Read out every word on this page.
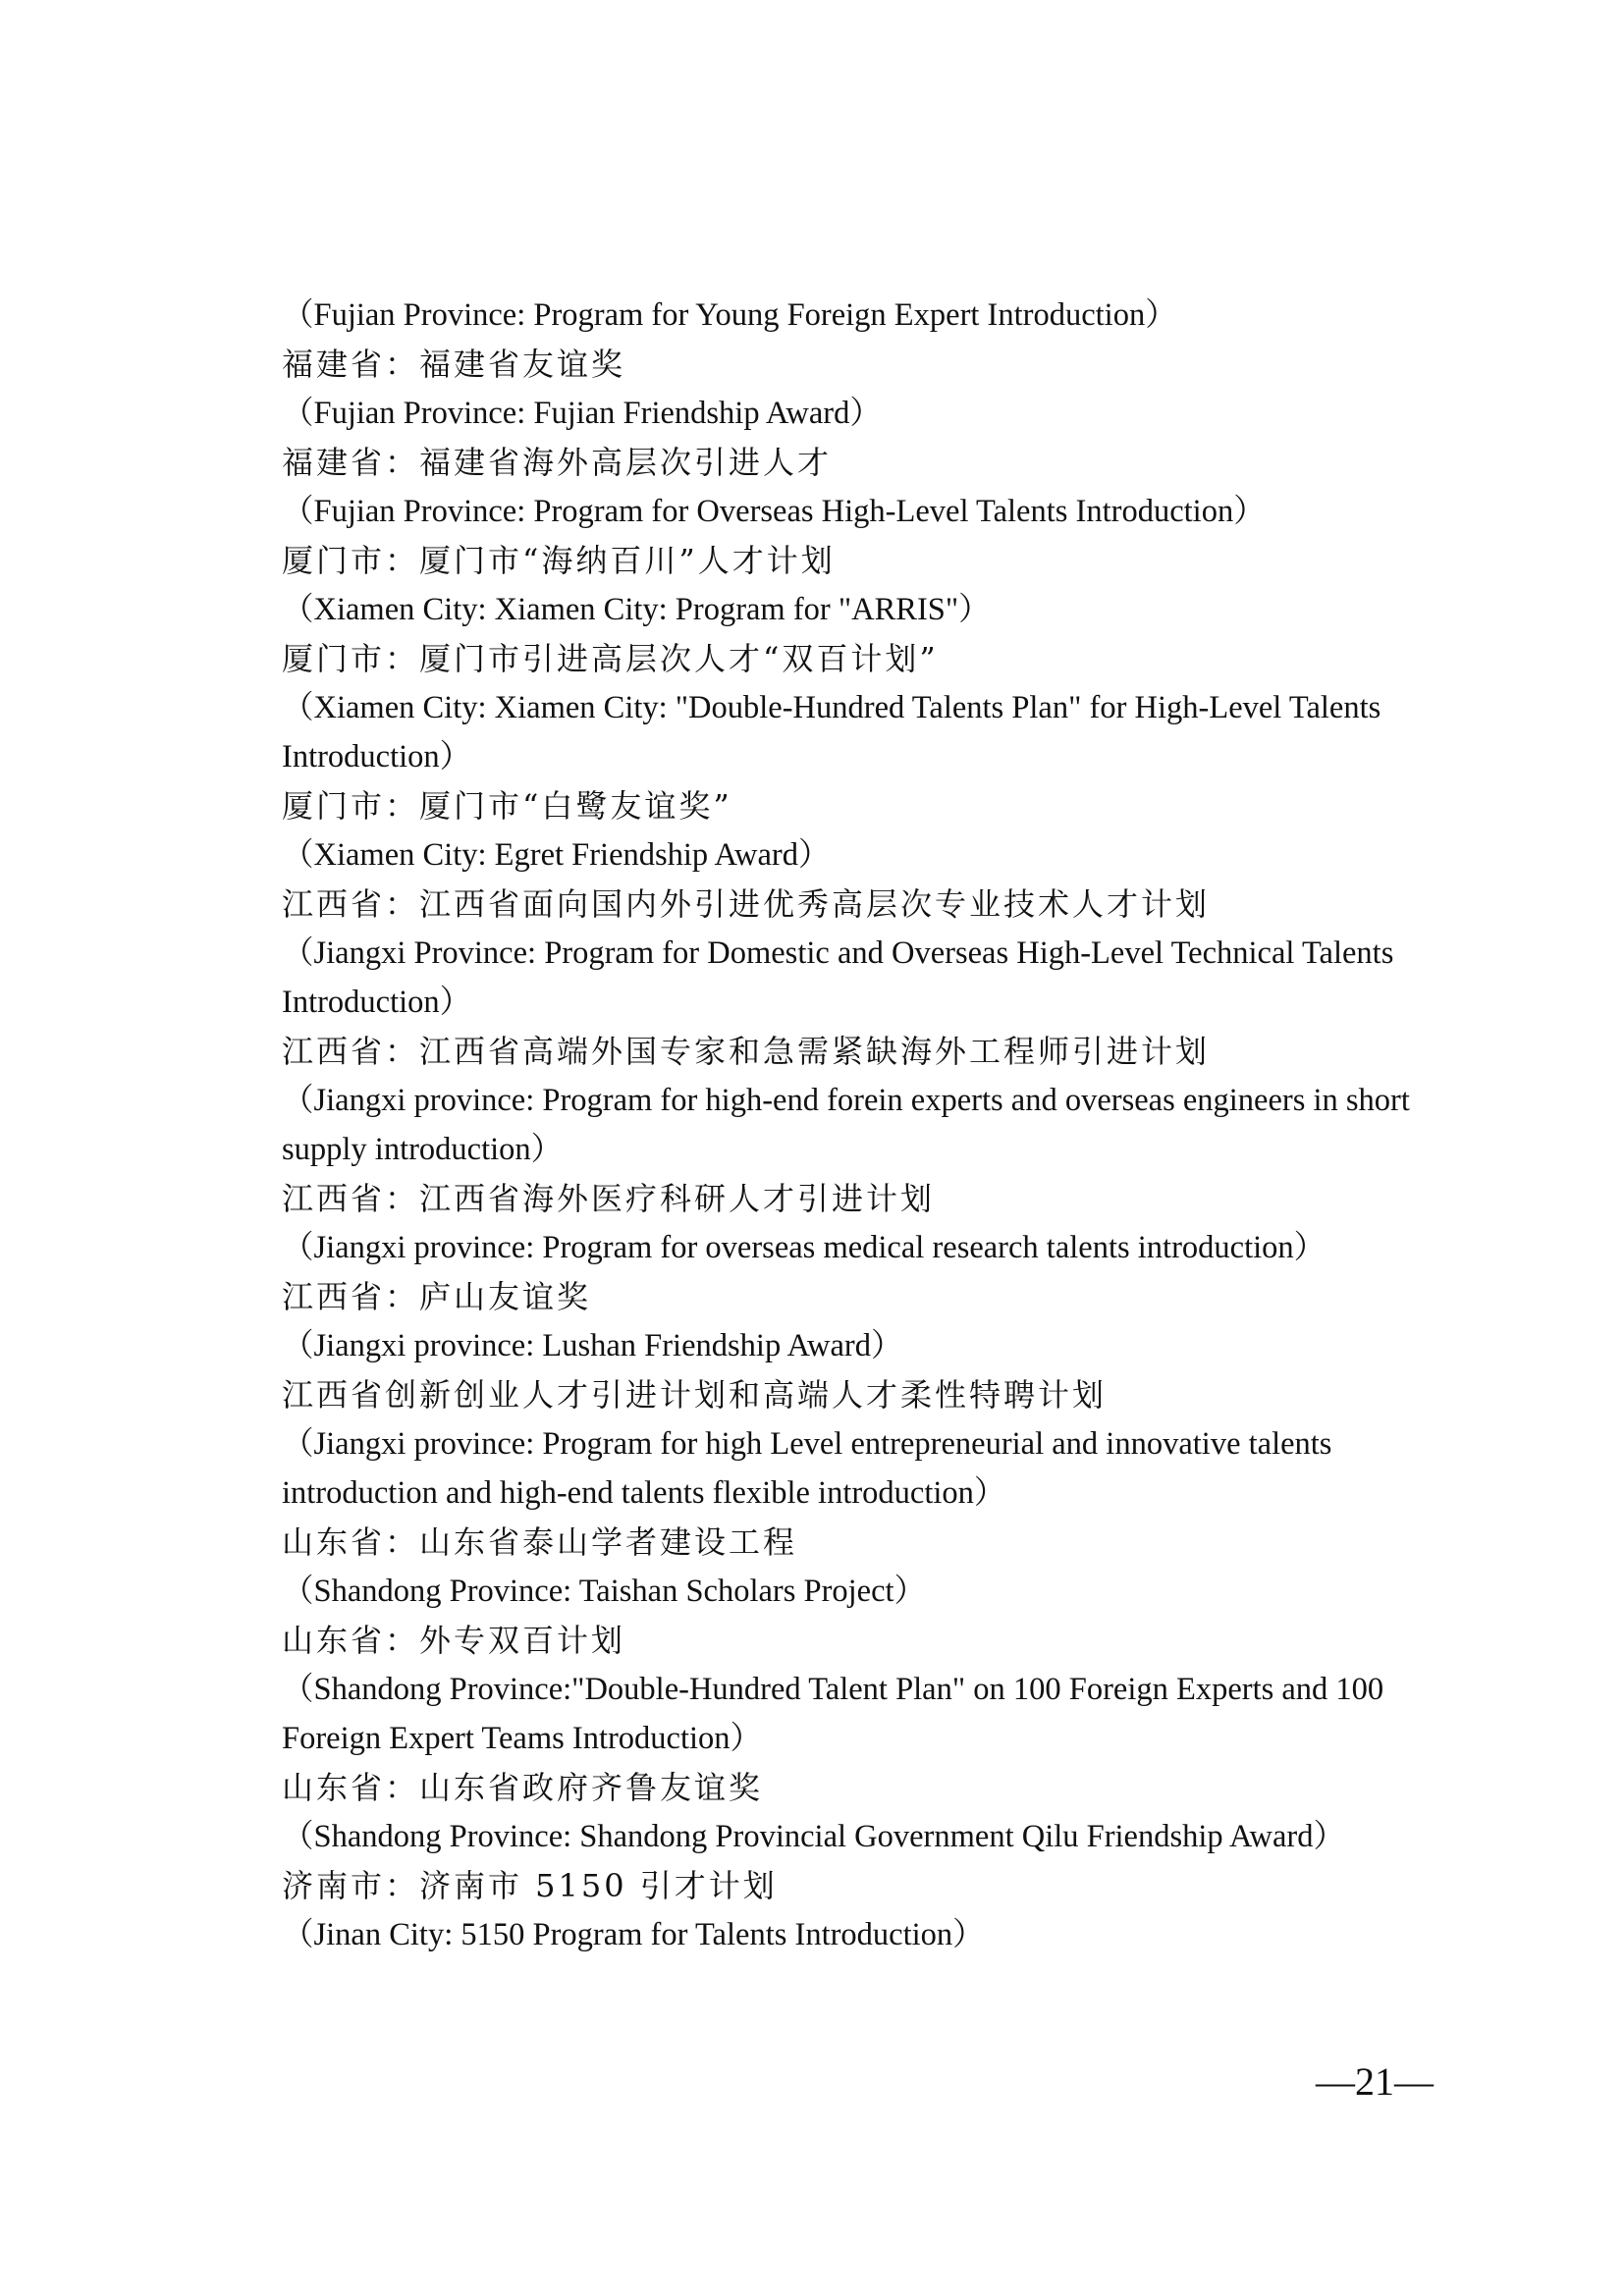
（Fujian Province: Program for Young Foreign Expert Introduction）

福建省：福建省友谊奖

（Fujian Province: Fujian Friendship Award）

福建省：福建省海外高层次引进人才

（Fujian Province: Program for Overseas High-Level Talents Introduction）

厦门市：厦门市“海纳百川”人才计划

（Xiamen City: Xiamen City: Program for "ARRIS"）

厦门市：厦门市引进高层次人才“双百计划”

（Xiamen City: Xiamen City: "Double-Hundred Talents Plan" for High-Level Talents

Introduction）

厦门市：厦门市“白鹭友谊奖”

（Xiamen City: Egret Friendship Award）

江西省：江西省面向国内外引进优秀高层次专业技术人才计划

（Jiangxi Province: Program for Domestic and Overseas High-Level Technical Talents

Introduction）

江西省：江西省高端外国专家和急需紧缺海外工程师引进计划

（Jiangxi province: Program for high-end forein experts and overseas engineers in short

supply introduction）

江西省：江西省海外医疗科研人才引进计划

（Jiangxi province: Program for overseas medical research talents introduction）

江西省：庐山友谊奖

（Jiangxi province: Lushan Friendship Award）

江西省创新创业人才引进计划和高端人才柔性特聘计划

（Jiangxi province: Program for high Level entrepreneurial and innovative talents

introduction and high-end talents flexible introduction）

山东省：山东省泰山学者建设工程

（Shandong Province: Taishan Scholars Project）

山东省：外专双百计划

（Shandong Province:"Double-Hundred Talent Plan" on 100 Foreign Experts and 100

Foreign Expert Teams Introduction）

山东省：山东省政府齐鲁友谊奖

（Shandong Province: Shandong Provincial Government Qilu Friendship Award）

济南市：济南市 5150 引才计划

（Jinan City: 5150 Program for Talents Introduction）

—21—
